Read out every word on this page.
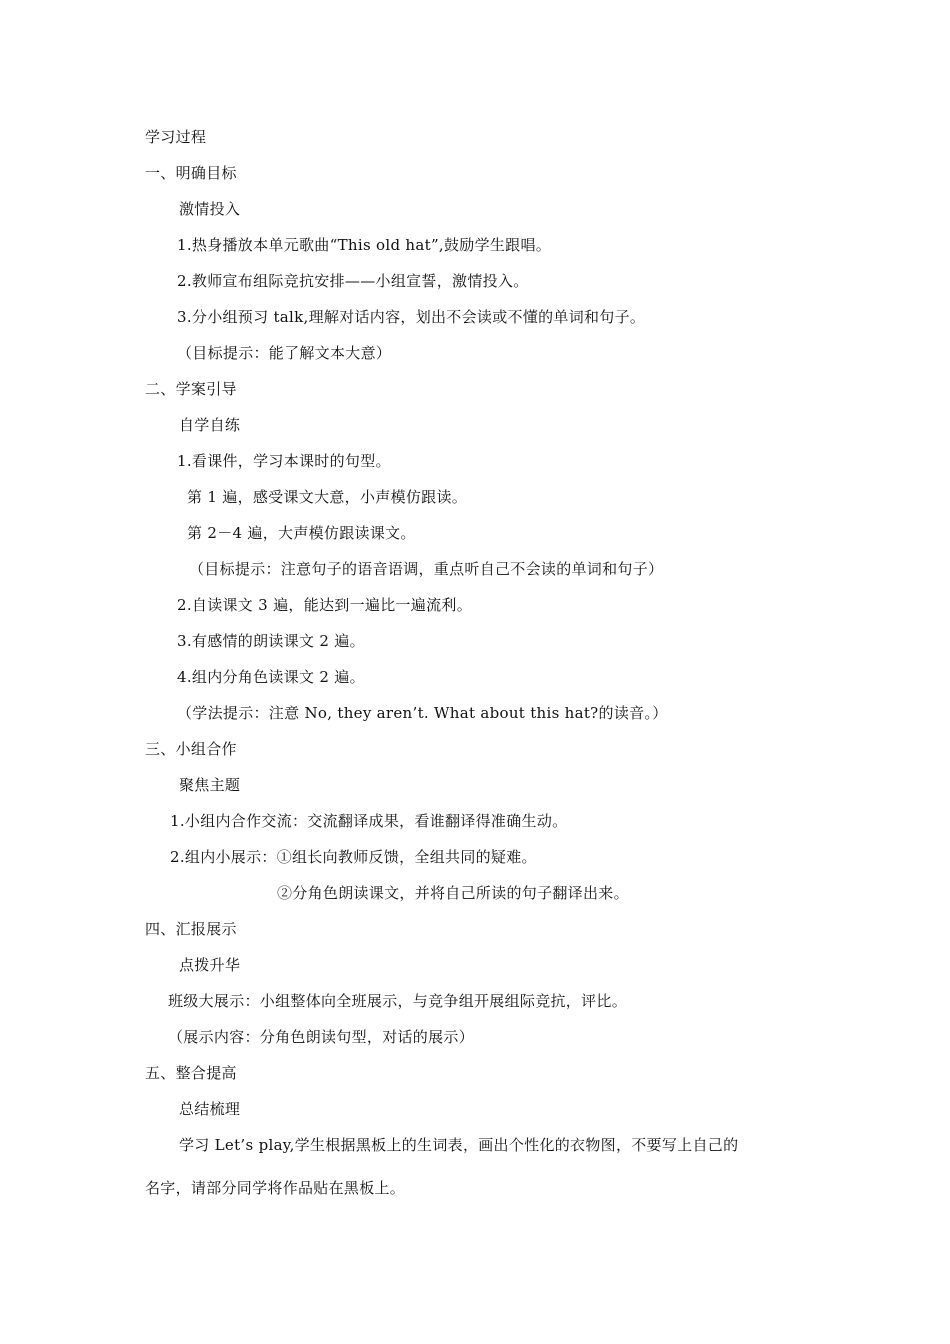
学习过程
一、明确目标
激情投入
1.热身播放本单元歌曲“This old hat”,鼓励学生跟唱。
2.教师宣布组际竞抗安排——小组宣誓，激情投入。
3.分小组预习 talk,理解对话内容，划出不会读或不懂的单词和句子。
（目标提示：能了解文本大意）
二、学案引导
自学自练
1.看课件，学习本课时的句型。
第 1 遍，感受课文大意，小声模仿跟读。
第 2－4 遍，大声模仿跟读课文。
（目标提示：注意句子的语音语调，重点听自己不会读的单词和句子）
2.自读课文 3 遍，能达到一遍比一遍流利。
3.有感情的朗读课文 2 遍。
4.组内分角色读课文 2 遍。
（学法提示：注意 No, they aren’t. What about this hat?的读音。）
三、小组合作
聚焦主题
1.小组内合作交流：交流翻译成果，看谁翻译得准确生动。
2.组内小展示：①组长向教师反馈，全组共同的疑难。
②分角色朗读课文，并将自己所读的句子翻译出来。
四、汇报展示
点拨升华
班级大展示：小组整体向全班展示，与竞争组开展组际竞抗，评比。
（展示内容：分角色朗读句型，对话的展示）
五、整合提高
总结梳理
学习 Let’s play,学生根据黑板上的生词表，画出个性化的衣物图，不要写上自己的
名字，请部分同学将作品贴在黑板上。
